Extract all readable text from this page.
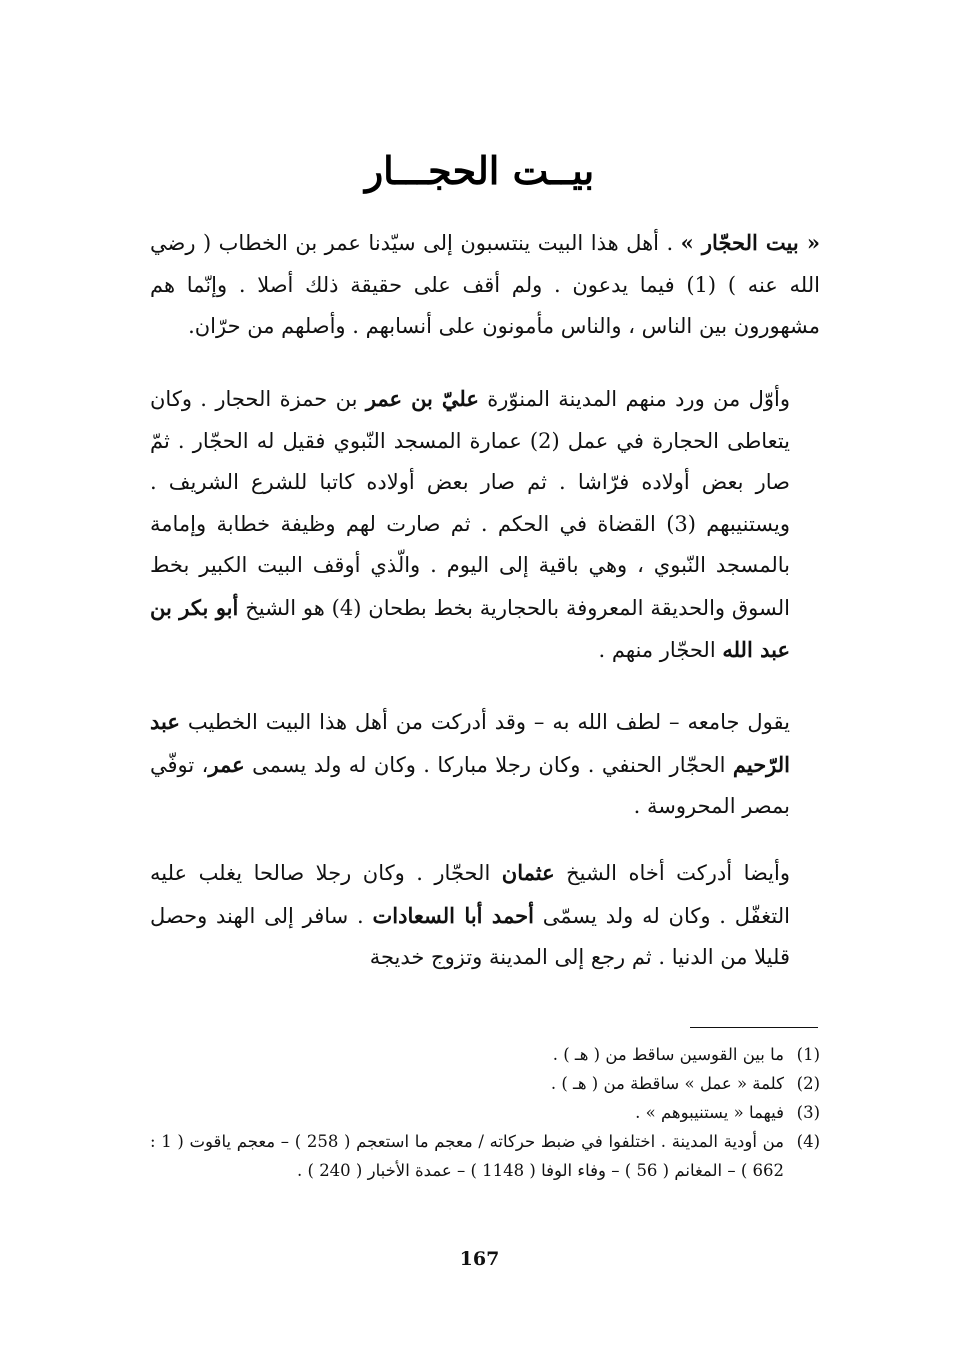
بيــت الحجـــار

« بيت الحجّار » . أهل هذا البيت ينتسبون إلى سيّدنا عمر بن الخطاب ( رضي الله عنه ) (1) فيما يدعون . ولم أقف على حقيقة ذلك أصلا . وإنّما هم مشهورون بين الناس ، والناس مأمونون على أنسابهم . وأصلهم من حرّان.

وأوّل من ورد منهم المدينة المنوّرة عليّ بن عمر بن حمزة الحجار . وكان يتعاطى الحجارة في عمل (2) عمارة المسجد النّبوي فقيل له الحجّار . ثمّ صار بعض أولاده فرّاشا . ثم صار بعض أولاده كاتبا للشرع الشريف . ويستنيبهم (3) القضاة في الحكم . ثم صارت لهم وظيفة خطابة وإمامة بالمسجد النّبوي ، وهي باقية إلى اليوم . والّذي أوقف البيت الكبير بخط السوق والحديقة المعروفة بالحجارية بخط بطحان (4) هو الشيخ أبو بكر بن عبد الله الحجّار منهم .

يقول جامعه – لطف الله به – وقد أدركت من أهل هذا البيت الخطيب عبد الرّحيم الحجّار الحنفي . وكان رجلا مباركا . وكان له ولد يسمى عمر، توفّي بمصر المحروسة .

وأيضا أدركت أخاه الشيخ عثمان الحجّار . وكان رجلا صالحا يغلب عليه التغفّل . وكان له ولد يسمّى أحمد أبا السعادات . سافر إلى الهند وحصل قليلا من الدنيا . ثم رجع إلى المدينة وتزوج خديجة

(1)
ما بين القوسين ساقط من ( هـ ) .
(2)
كلمة « عمل » ساقطة من ( هـ ) .
(3)
فيهما « يستنيبوهم » .
(4)
من أودية المدينة . اختلفوا في ضبط حركاته / معجم ما استعجم ( 258 ) – معجم ياقوت ( 1 : 662 ) – المغانم ( 56 ) – وفاء الوفا ( 1148 ) – عمدة الأخبار ( 240 ) .
167
